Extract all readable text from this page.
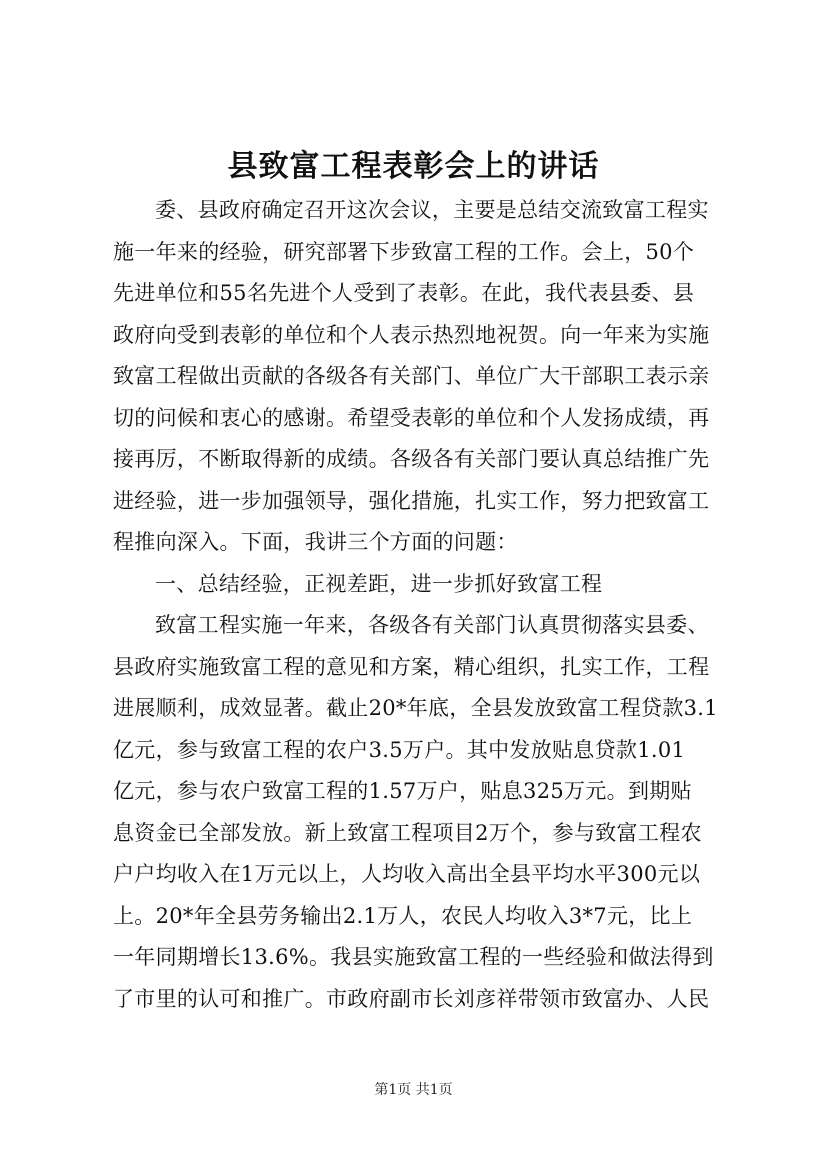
县致富工程表彰会上的讲话
委、县政府确定召开这次会议，主要是总结交流致富工程实
施一年来的经验，研究部署下步致富工程的工作。会上，50个
先进单位和55名先进个人受到了表彰。在此，我代表县委、县
政府向受到表彰的单位和个人表示热烈地祝贺。向一年来为实施
致富工程做出贡献的各级各有关部门、单位广大干部职工表示亲
切的问候和衷心的感谢。希望受表彰的单位和个人发扬成绩，再
接再厉，不断取得新的成绩。各级各有关部门要认真总结推广先
进经验，进一步加强领导，强化措施，扎实工作，努力把致富工
程推向深入。下面，我讲三个方面的问题：
一、总结经验，正视差距，进一步抓好致富工程
致富工程实施一年来，各级各有关部门认真贯彻落实县委、
县政府实施致富工程的意见和方案，精心组织，扎实工作，工程
进展顺利，成效显著。截止20*年底，全县发放致富工程贷款3.1
亿元，参与致富工程的农户3.5万户。其中发放贴息贷款1.01
亿元，参与农户致富工程的1.57万户，贴息325万元。到期贴
息资金已全部发放。新上致富工程项目2万个，参与致富工程农
户户均收入在1万元以上，人均收入高出全县平均水平300元以
上。20*年全县劳务输出2.1万人，农民人均收入3*7元，比上
一年同期增长13.6%。我县实施致富工程的一些经验和做法得到
了市里的认可和推广。市政府副市长刘彦祥带领市致富办、人民
第1页 共1页
